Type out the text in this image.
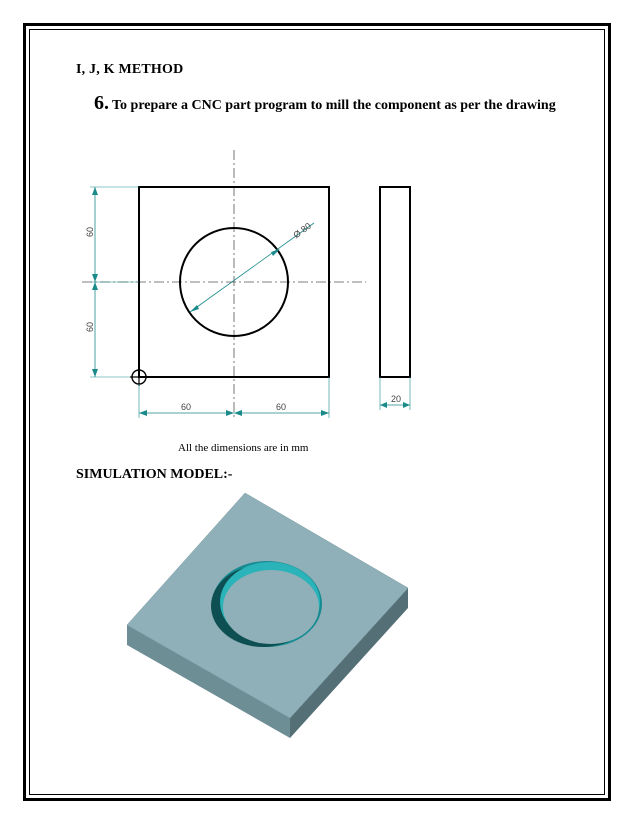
I, J, K METHOD
6. To prepare a CNC part program to mill the component as per the drawing
Ø 80
60
60
60	60
20
All the dimensions are in mm
SIMULATION MODEL:-
